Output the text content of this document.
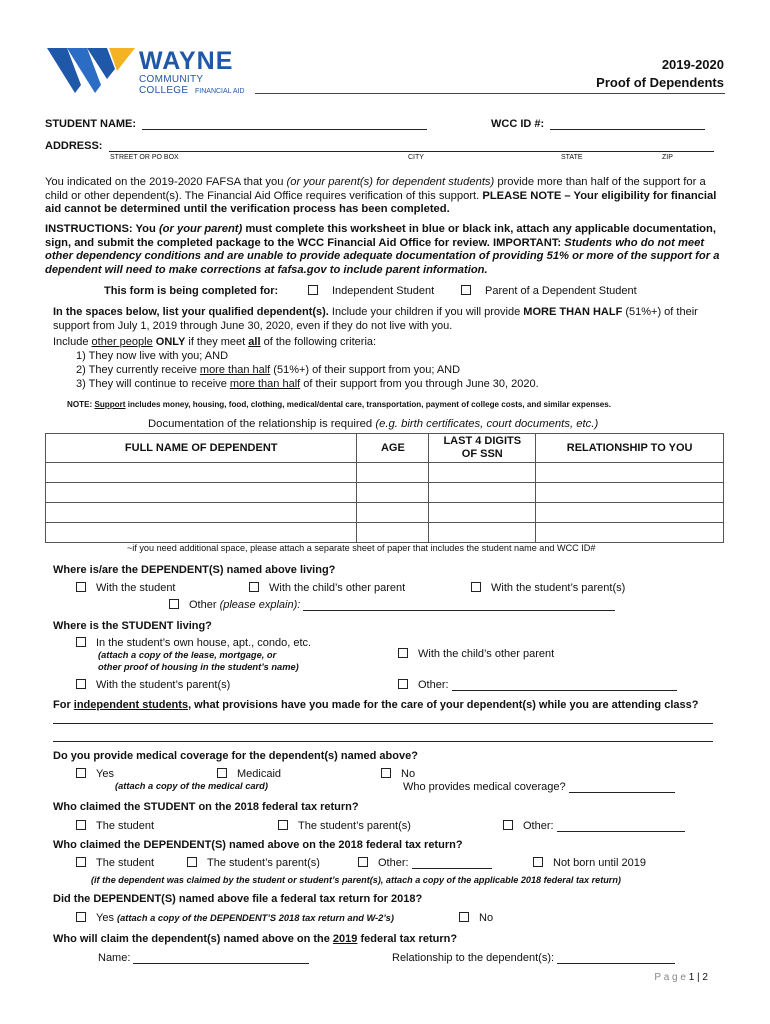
WAYNE
COMMUNITY COLLEGE FINANCIAL AID
2019-2020
Proof of Dependents
STUDENT NAME:	WCC ID #:
ADDRESS:
STREET OR PO BOX	CITY	STATE	ZIP

You indicated on the 2019-2020 FAFSA that you (or your parent(s) for dependent students) provide more than half of the support for a child or other dependent(s). The Financial Aid Office requires verification of this support. PLEASE NOTE – Your eligibility for financial aid cannot be determined until the verification process has been completed.

INSTRUCTIONS: You (or your parent) must complete this worksheet in blue or black ink, attach any applicable documentation, sign, and submit the completed package to the WCC Financial Aid Office for review. IMPORTANT: Students who do not meet other dependency conditions and are unable to provide adequate documentation of providing 51% or more of the support for a dependent will need to make corrections at fafsa.gov to include parent information.

This form is being completed for:	Independent Student	Parent of a Dependent Student

In the spaces below, list your qualified dependent(s). Include your children if you will provide MORE THAN HALF (51%+) of their support from July 1, 2019 through June 30, 2020, even if they do not live with you.

Include other people ONLY if they meet all of the following criteria:

1) They now live with you; AND

2) They currently receive more than half (51%+) of their support from you; AND

3) They will continue to receive more than half of their support from you through June 30, 2020.

NOTE: Support includes money, housing, food, clothing, medical/dental care, transportation, payment of college costs, and similar expenses.

Documentation of the relationship is required (e.g. birth certificates, court documents, etc.)

FULL NAME OF DEPENDENT	AGE	LAST 4 DIGITS OF SSN	RELATIONSHIP TO YOU

~if you need additional space, please attach a separate sheet of paper that includes the student name and WCC ID#
Where is/are the DEPENDENT(S) named above living?
With the student	With the child’s other parent	With the student’s parent(s)
Other (please explain):
Where is the STUDENT living?
In the student’s own house, apt., condo, etc.
(attach a copy of the lease, mortgage, or
other proof of housing in the student’s name)
With the child’s other parent
With the student’s parent(s)	Other:

For independent students, what provisions have you made for the care of your dependent(s) while you are attending class?

Do you provide medical coverage for the dependent(s) named above?
Yes
(attach a copy of the medical card)
Medicaid	No
Who provides medical coverage?
Who claimed the STUDENT on the 2018 federal tax return?
The student	The student’s parent(s)	Other:
Who claimed the DEPENDENT(S) named above on the 2018 federal tax return?
The student	The student’s parent(s)	Other:	Not born until 2019
(if the dependent was claimed by the student or student’s parent(s), attach a copy of the applicable 2018 federal tax return)
Did the DEPENDENT(S) named above file a federal tax return for 2018?
Yes (attach a copy of the DEPENDENT’S 2018 tax return and W-2’s)	No

Who will claim the dependent(s) named above on the 2019 federal tax return?

Name:	Relationship to the dependent(s):
P a g e 1 | 2
